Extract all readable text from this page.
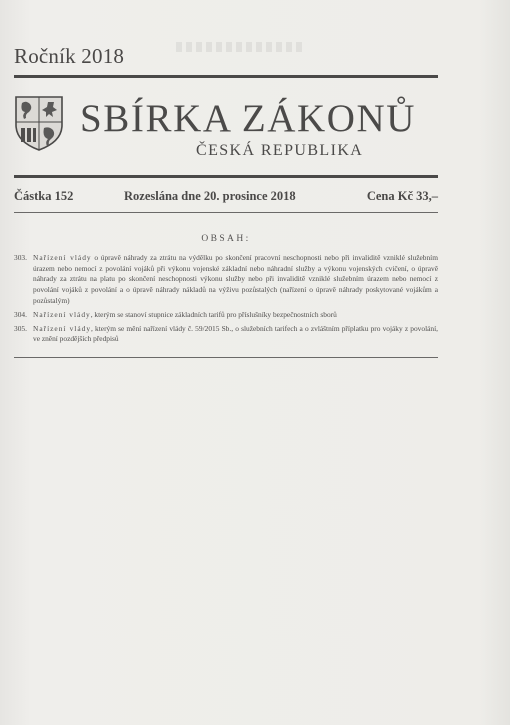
Ročník 2018
SBÍRKA ZÁKONŮ
ČESKÁ REPUBLIKA
Částka 152	Rozeslána dne 20. prosince 2018	Cena Kč 33,–
OBSAH:
303. Nařízení vlády o úpravě náhrady za ztrátu na výdělku po skončení pracovní neschopnosti nebo při invaliditě vzniklé služebním úrazem nebo nemocí z povolání vojáků při výkonu vojenské základní nebo náhradní služby a výkonu vojenských cvičení, o úpravě náhrady za ztrátu na platu po skončení neschopnosti výkonu služby nebo při invaliditě vzniklé služebním úrazem nebo nemocí z povolání vojáků z povolání a o úpravě náhrady nákladů na výživu pozůstalých (nařízení o úpravě náhrady poskytované vojákům a pozůstalým)
304. Nařízení vlády, kterým se stanoví stupnice základních tarifů pro příslušníky bezpečnostních sborů
305. Nařízení vlády, kterým se mění nařízení vlády č. 59/2015 Sb., o služebních tarifech a o zvláštním příplatku pro vojáky z povolání, ve znění pozdějších předpisů
